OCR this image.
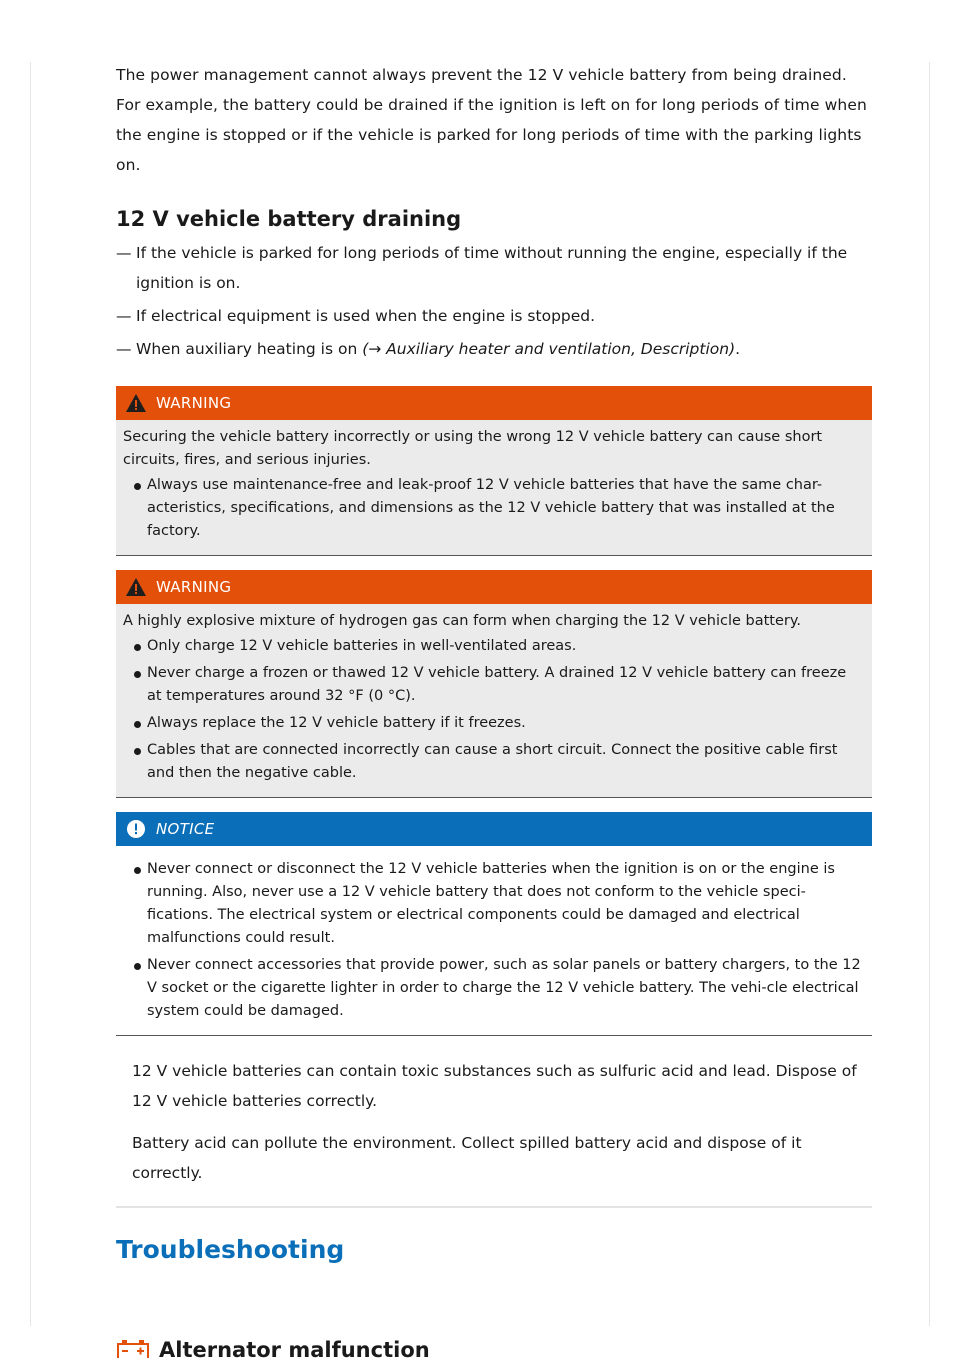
The power management cannot always prevent the 12 V vehicle battery from being drained. For example, the battery could be drained if the ignition is left on for long periods of time when the engine is stopped or if the vehicle is parked for long periods of time with the parking lights on.

12 V vehicle battery draining
— If the vehicle is parked for long periods of time without running the engine, especially if the ignition is on.
— If electrical equipment is used when the engine is stopped.
— When auxiliary heating is on (→ Auxiliary heater and ventilation, Description).
WARNING

Securing the vehicle battery incorrectly or using the wrong 12 V vehicle battery can cause short circuits, fires, and serious injuries.

Always use maintenance-free and leak-proof 12 V vehicle batteries that have the same char-acteristics, specifications, and dimensions as the 12 V vehicle battery that was installed at the factory.
WARNING

A highly explosive mixture of hydrogen gas can form when charging the 12 V vehicle battery.

Only charge 12 V vehicle batteries in well-ventilated areas.
Never charge a frozen or thawed 12 V vehicle battery. A drained 12 V vehicle battery can freeze at temperatures around 32 °F (0 °C).
Always replace the 12 V vehicle battery if it freezes.
Cables that are connected incorrectly can cause a short circuit. Connect the positive cable first and then the negative cable.
NOTICE
Never connect or disconnect the 12 V vehicle batteries when the ignition is on or the engine is running. Also, never use a 12 V vehicle battery that does not conform to the vehicle speci-fications. The electrical system or electrical components could be damaged and electrical malfunctions could result.
Never connect accessories that provide power, such as solar panels or battery chargers, to the 12 V socket or the cigarette lighter in order to charge the 12 V vehicle battery. The vehi-cle electrical system could be damaged.

12 V vehicle batteries can contain toxic substances such as sulfuric acid and lead. Dispose of 12 V vehicle batteries correctly.

Battery acid can pollute the environment. Collect spilled battery acid and dispose of it correctly.

Troubleshooting
Alternator malfunction
